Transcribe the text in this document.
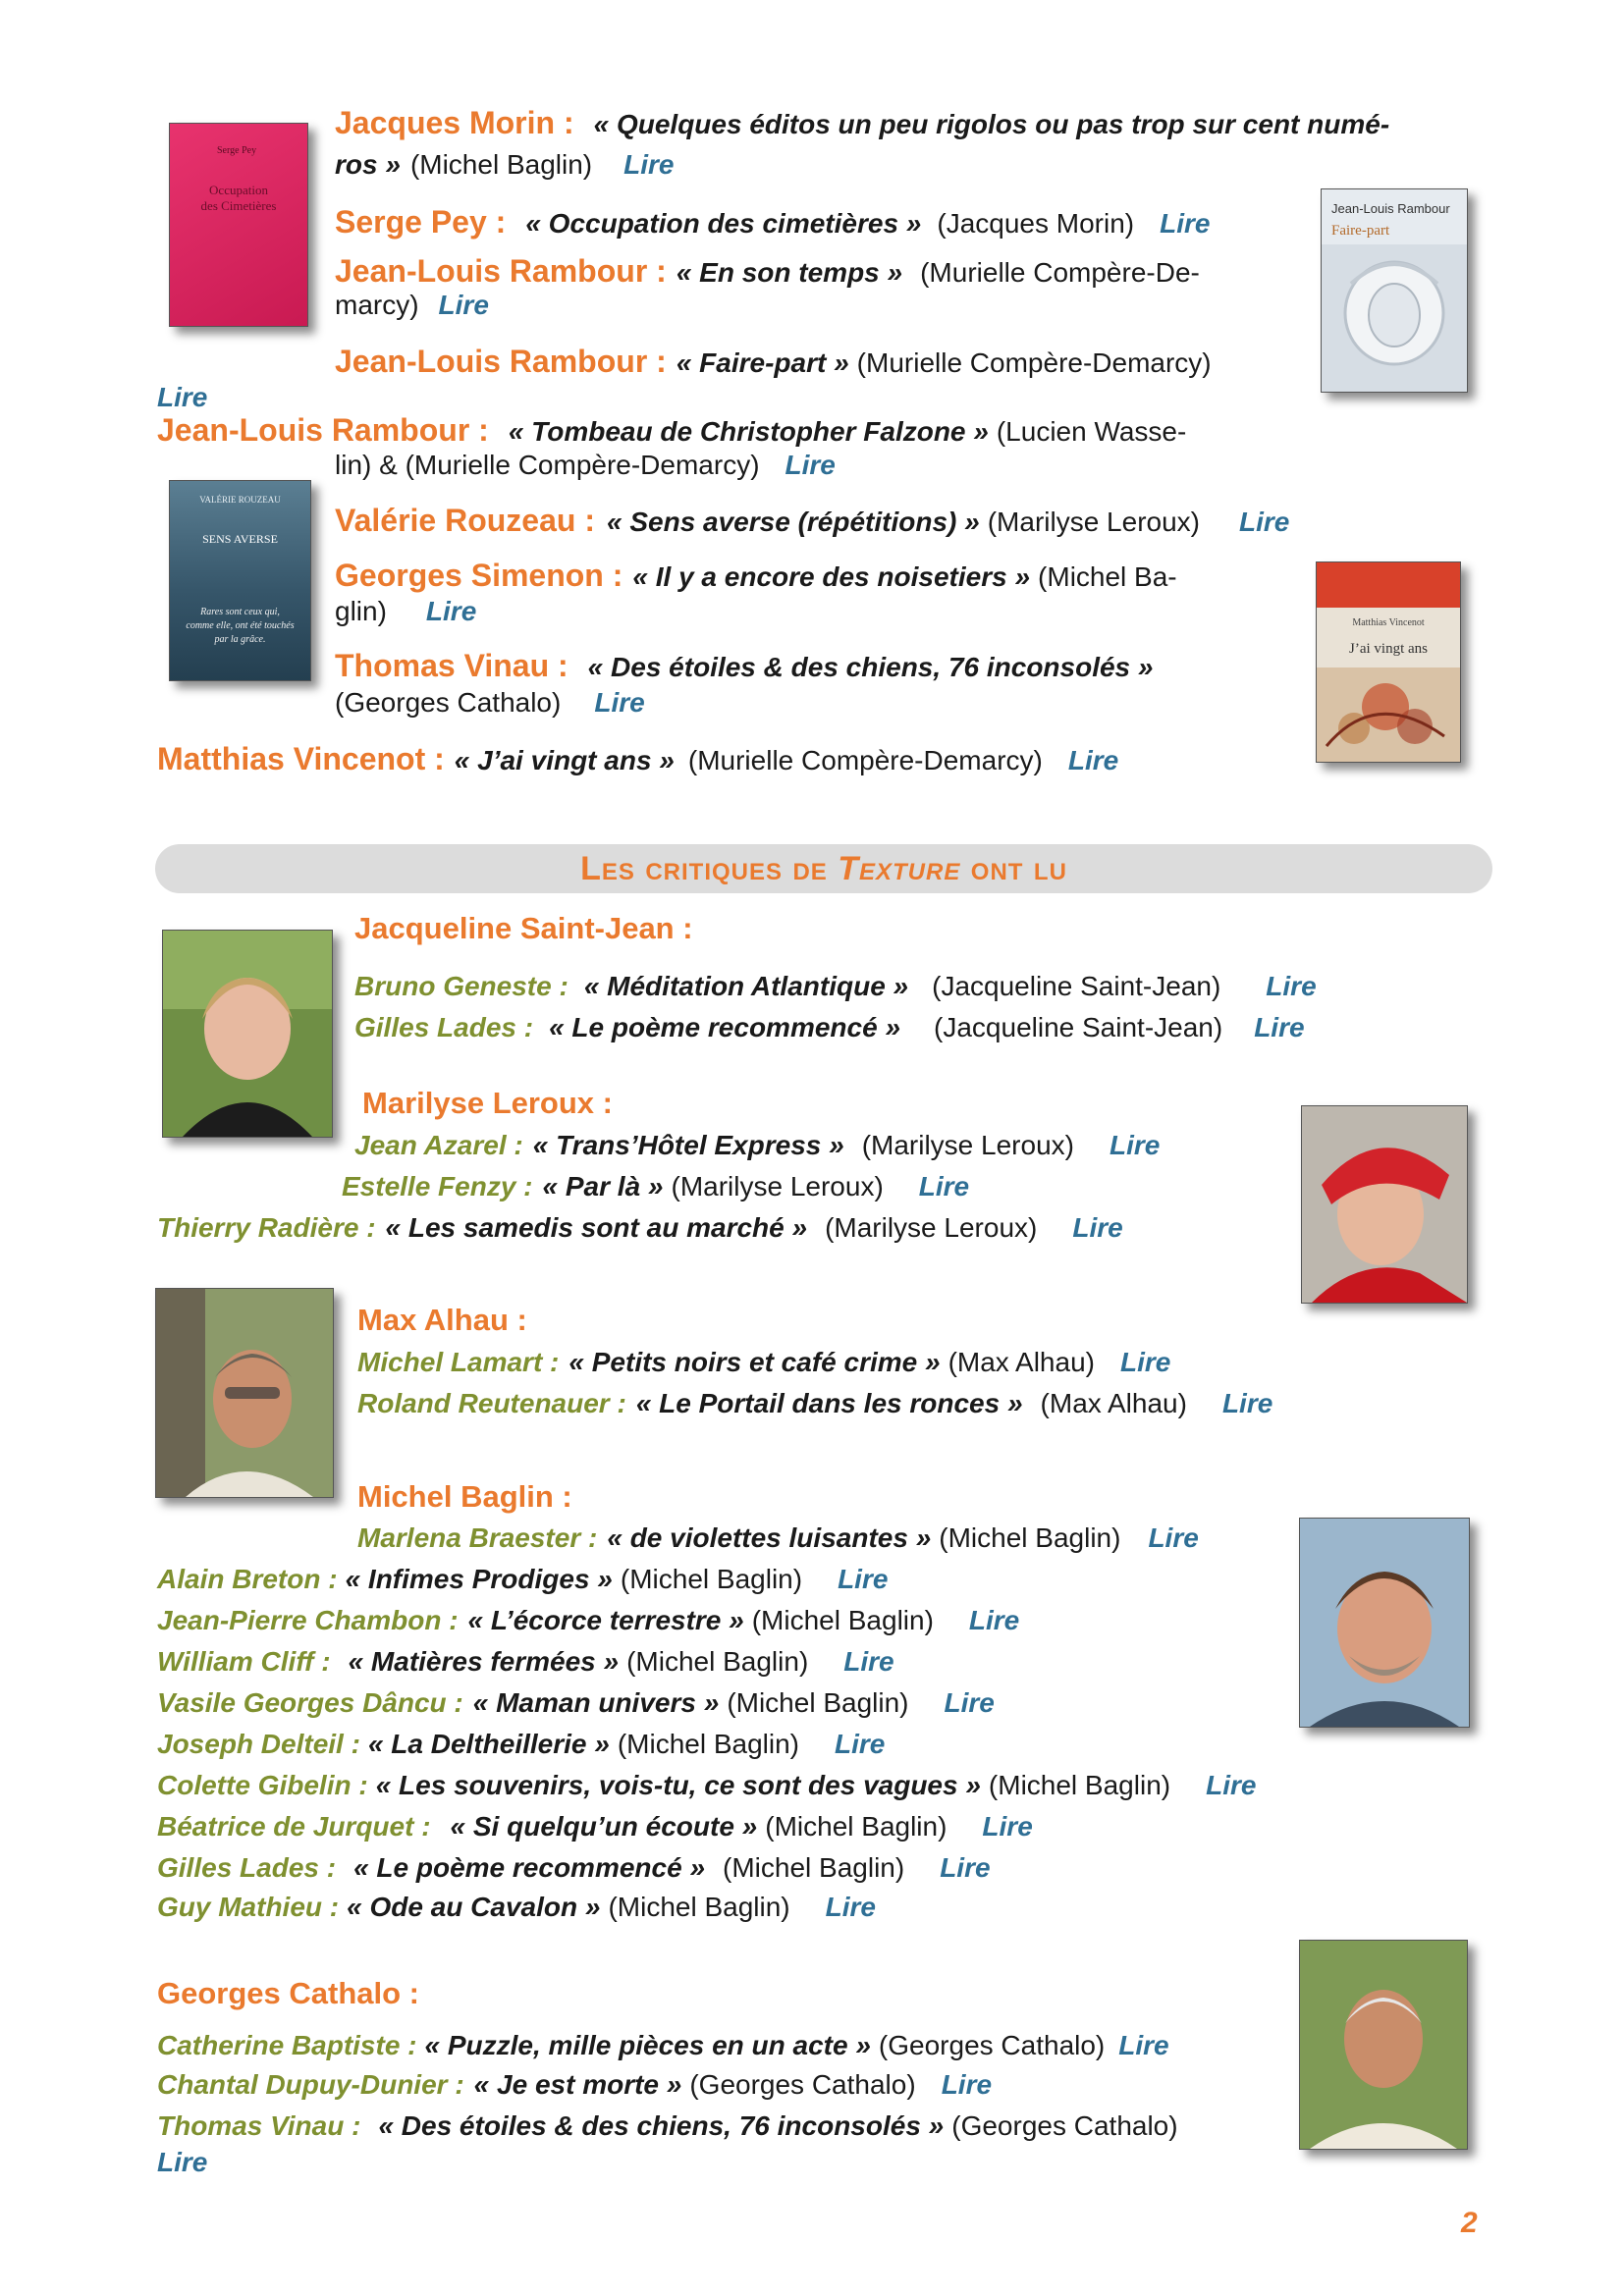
Serge Pey
Occupation des Cimetières	Jean-Louis Rambour
Faire-part
VALÉRIE ROUZEAU
SENS AVERSE
Rares sont ceux qui,
comme elle, ont été touchés
par la grâce.
Matthias Vincenot
J’ai vingt ans
Jacques Morin : « Quelques éditos un peu rigolos ou pas trop sur cent numé-
ros » (Michel Baglin) Lire
Serge Pey : « Occupation des cimetières » (Jacques Morin) Lire
Jean-Louis Rambour : « En son temps » (Murielle Compère-De-
marcy) Lire
Jean-Louis Rambour : « Faire-part » (Murielle Compère-Demarcy)
Lire
Jean-Louis Rambour : « Tombeau de Christopher Falzone » (Lucien Wasse-
lin) & (Murielle Compère-Demarcy) Lire
Valérie Rouzeau : « Sens averse (répétitions) » (Marilyse Leroux) Lire
Georges Simenon : « Il y a encore des noisetiers » (Michel Ba-
glin) Lire
Thomas Vinau : « Des étoiles & des chiens, 76 inconsolés »
(Georges Cathalo) Lire
Matthias Vincenot : « J’ai vingt ans » (Murielle Compère-Demarcy) Lire
Les critiques de Texture ont lu
Jacqueline Saint-Jean :
Bruno Geneste : « Méditation Atlantique » (Jacqueline Saint-Jean) Lire
Gilles Lades : « Le poème recommencé » (Jacqueline Saint-Jean) Lire
Marilyse Leroux :
Jean Azarel : « Trans’Hôtel Express » (Marilyse Leroux) Lire
Estelle Fenzy : « Par là » (Marilyse Leroux) Lire
Thierry Radière : « Les samedis sont au marché » (Marilyse Leroux) Lire
Max Alhau :
Michel Lamart : « Petits noirs et café crime » (Max Alhau) Lire
Roland Reutenauer : « Le Portail dans les ronces » (Max Alhau) Lire
Michel Baglin :
Marlena Braester : « de violettes luisantes » (Michel Baglin) Lire
Alain Breton : « Infimes Prodiges » (Michel Baglin) Lire
Jean-Pierre Chambon : « L’écorce terrestre » (Michel Baglin) Lire
William Cliff : « Matières fermées » (Michel Baglin) Lire
Vasile Georges Dâncu : « Maman univers » (Michel Baglin) Lire
Joseph Delteil : « La Deltheillerie » (Michel Baglin) Lire
Colette Gibelin : « Les souvenirs, vois-tu, ce sont des vagues » (Michel Baglin) Lire
Béatrice de Jurquet : « Si quelqu’un écoute » (Michel Baglin) Lire
Gilles Lades : « Le poème recommencé » (Michel Baglin) Lire
Guy Mathieu : « Ode au Cavalon » (Michel Baglin) Lire
Georges Cathalo :
Catherine Baptiste : « Puzzle, mille pièces en un acte » (Georges Cathalo) Lire
Chantal Dupuy-Dunier : « Je est morte » (Georges Cathalo) Lire
Thomas Vinau : « Des étoiles & des chiens, 76 inconsolés » (Georges Cathalo)
Lire
2
